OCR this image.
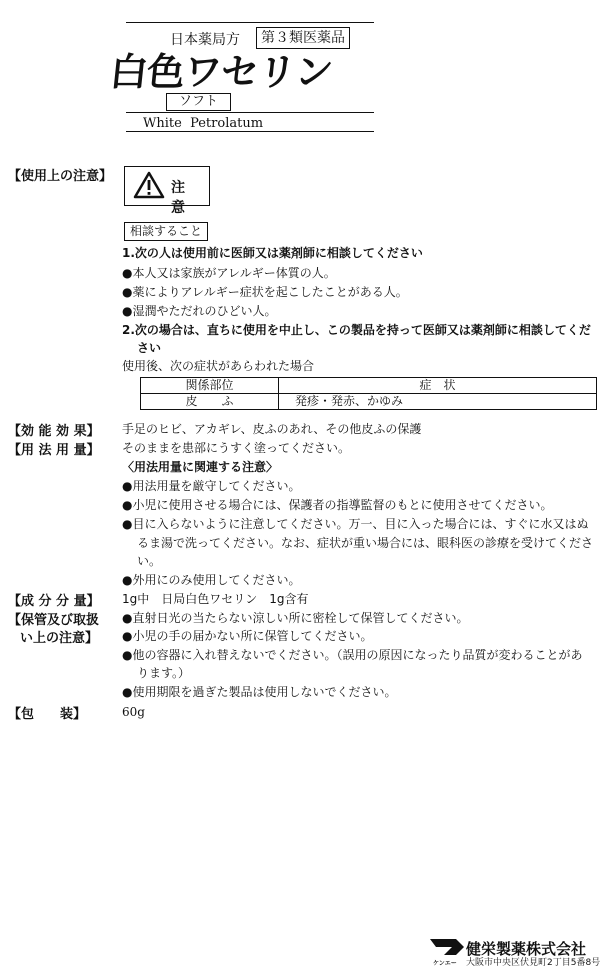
日本薬局方	第３類医薬品
白色ワセリン
ソフト
White  Petrolatum
【使用上の注意】
注 意
相談すること
1.次の人は使用前に医師又は薬剤師に相談してください
●本人又は家族がアレルギー体質の人。
●薬によりアレルギー症状を起こしたことがある人。
●湿潤やただれのひどい人。
2.次の場合は、直ちに使用を中止し、この製品を持って医師又は薬剤師に相談してくだ
さい
使用後、次の症状があらわれた場合
関係部位	症　状
皮　　ふ	発疹・発赤、かゆみ
【効 能 効 果】 手足のヒビ、アカギレ、皮ふのあれ、その他皮ふの保護
【用 法 用 量】 そのままを患部にうすく塗ってください。
〈用法用量に関連する注意〉
●用法用量を厳守してください。
●小児に使用させる場合には、保護者の指導監督のもとに使用させてください。
●目に入らないように注意してください。万一、目に入った場合には、すぐに水又はぬ
るま湯で洗ってください。なお、症状が重い場合には、眼科医の診療を受けてくださ
い。
●外用にのみ使用してください。
【成 分 分 量】 1g中　日局白色ワセリン　1g含有
【保管及び取扱
い上の注意】
●直射日光の当たらない涼しい所に密栓して保管してください。
●小児の手の届かない所に保管してください。
●他の容器に入れ替えないでください。（誤用の原因になったり品質が変わることがあ
ります。）
●使用期限を過ぎた製品は使用しないでください。
【包　　装】	60g
ケンエー
健栄製薬株式会社
大阪市中央区伏見町2丁目5番8号
